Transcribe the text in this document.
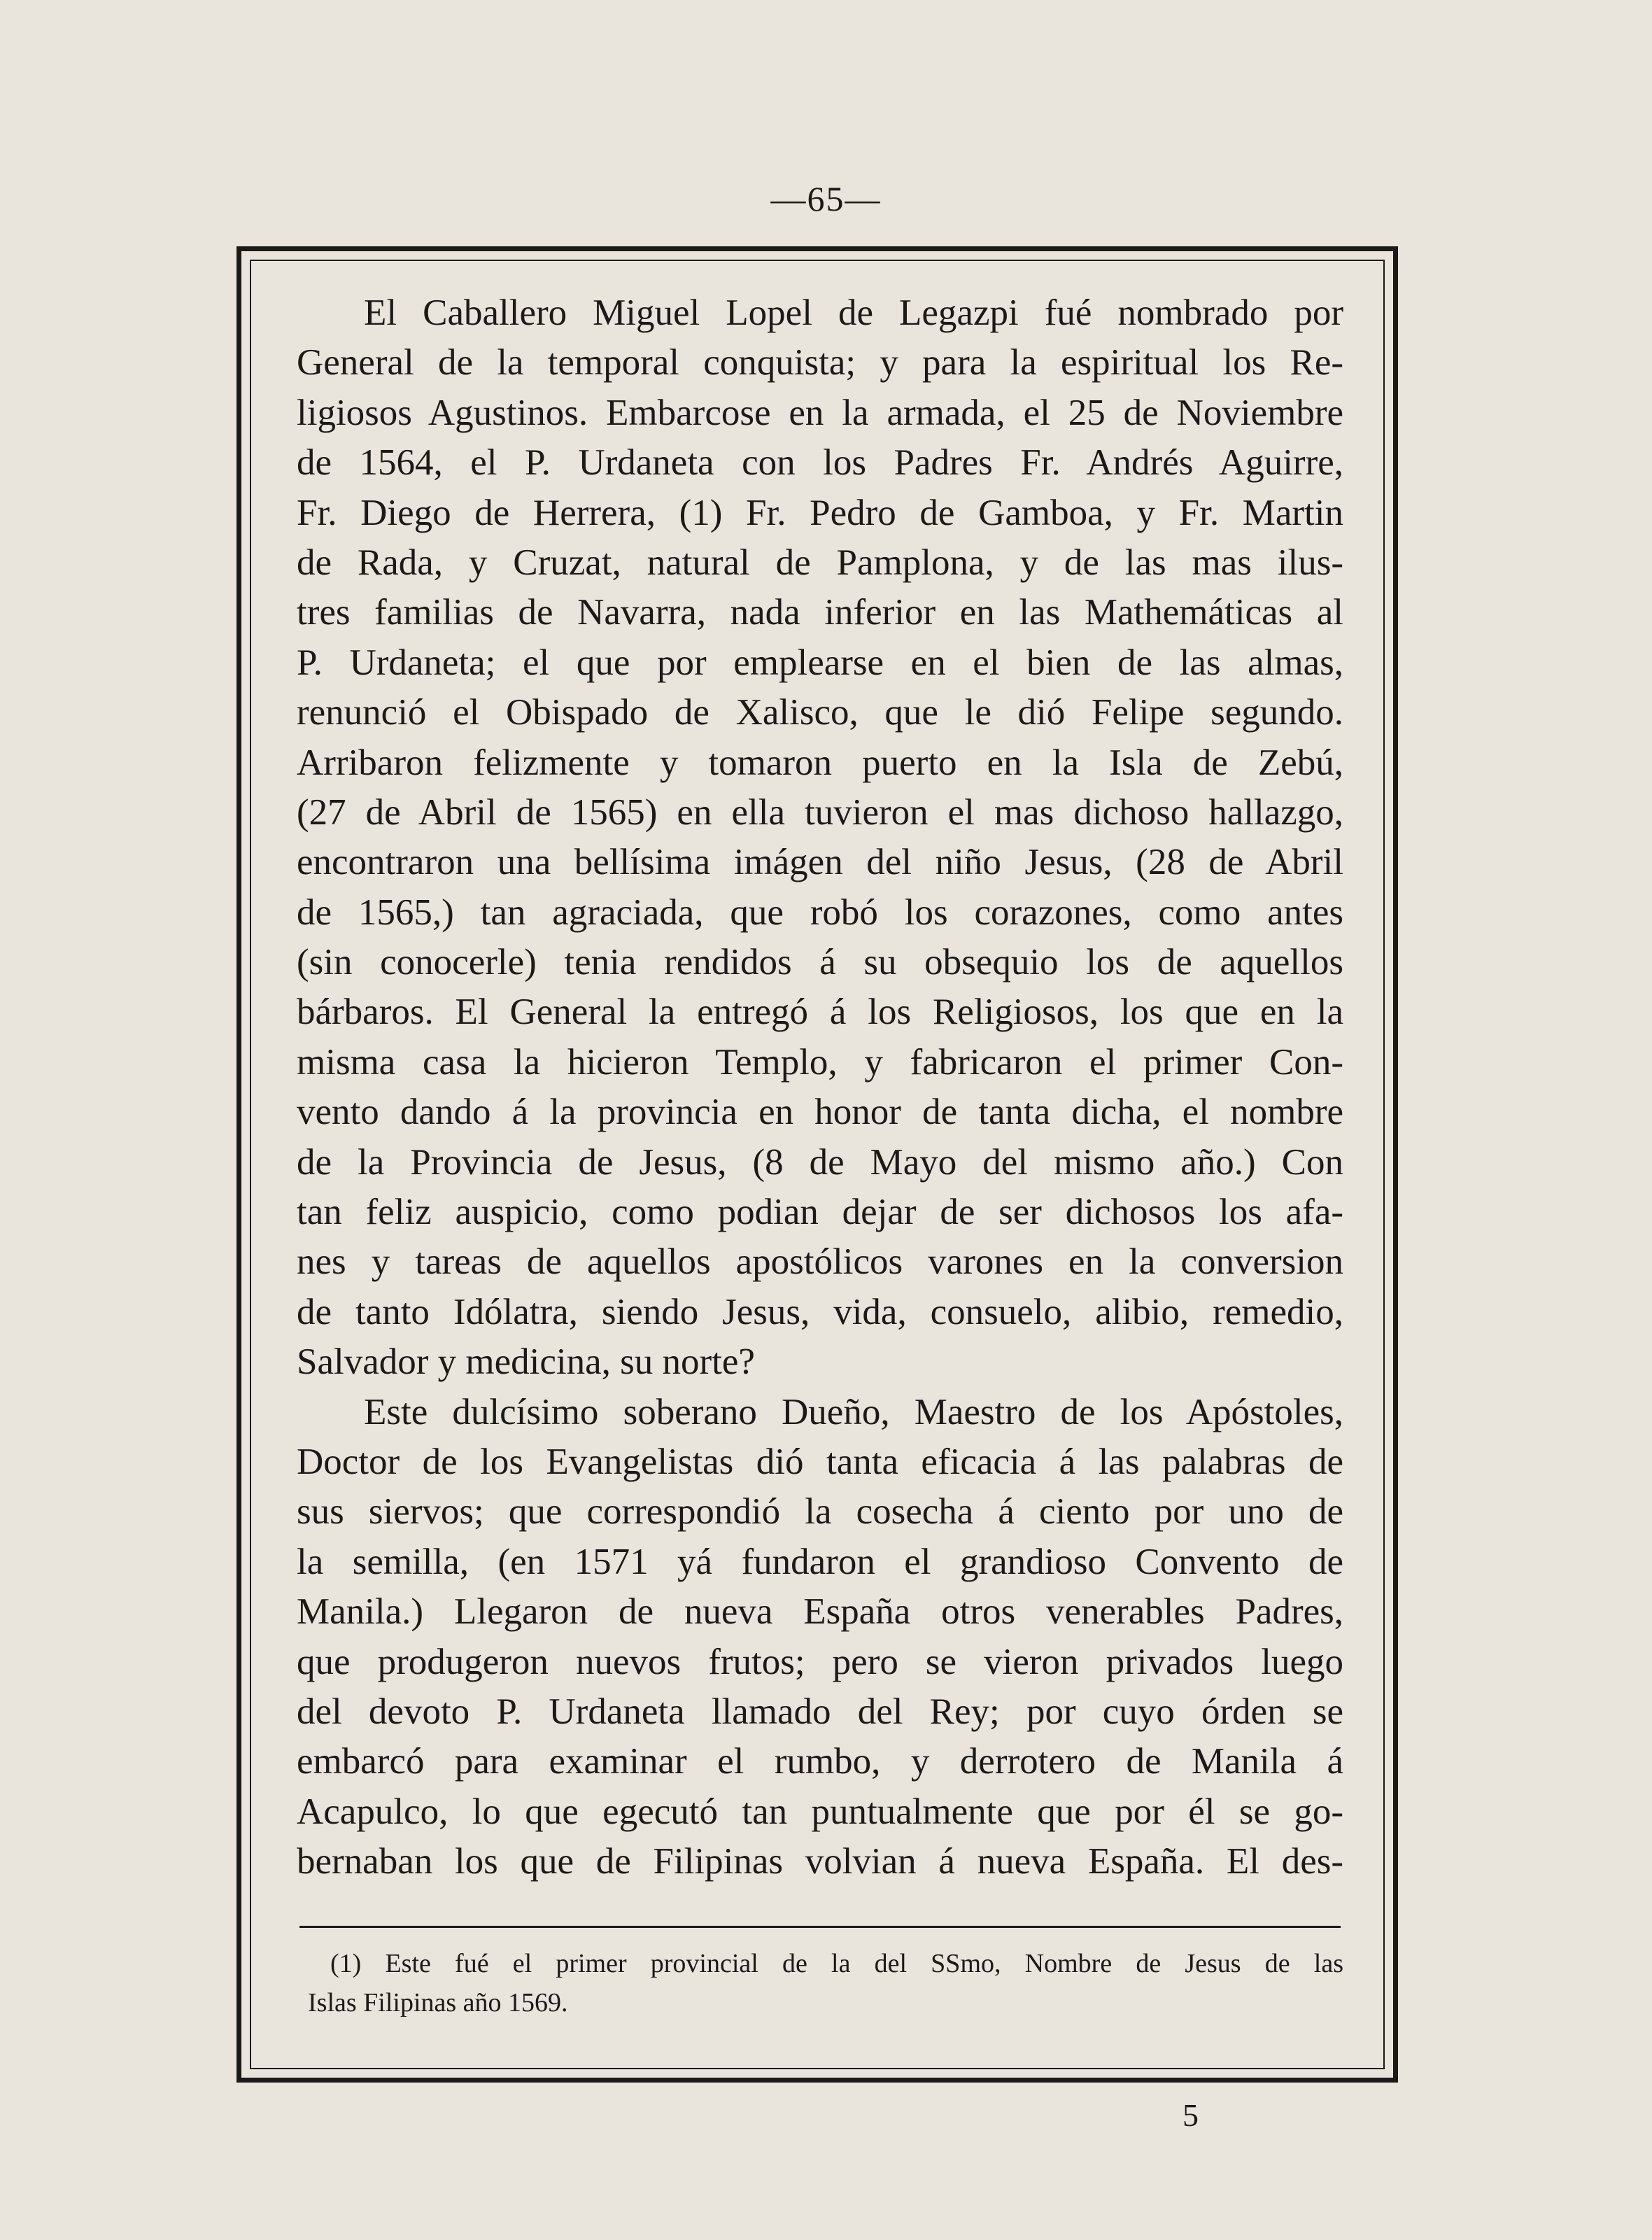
—65—
El Caballero Miguel Lopel de Legazpi fué nombrado por
General de la temporal conquista; y para la espiritual los Re-
ligiosos Agustinos. Embarcose en la armada, el 25 de Noviembre
de 1564, el P. Urdaneta con los Padres Fr. Andrés Aguirre,
Fr. Diego de Herrera, (1) Fr. Pedro de Gamboa, y Fr. Martin
de Rada, y Cruzat, natural de Pamplona, y de las mas ilus-
tres familias de Navarra, nada inferior en las Mathemáticas al
P. Urdaneta; el que por emplearse en el bien de las almas,
renunció el Obispado de Xalisco, que le dió Felipe segundo.
Arribaron felizmente y tomaron puerto en la Isla de Zebú,
(27 de Abril de 1565) en ella tuvieron el mas dichoso hallazgo,
encontraron una bellísima imágen del niño Jesus, (28 de Abril
de 1565,) tan agraciada, que robó los corazones, como antes
(sin conocerle) tenia rendidos á su obsequio los de aquellos
bárbaros. El General la entregó á los Religiosos, los que en la
misma casa la hicieron Templo, y fabricaron el primer Con-
vento dando á la provincia en honor de tanta dicha, el nombre
de la Provincia de Jesus, (8 de Mayo del mismo año.) Con
tan feliz auspicio, como podian dejar de ser dichosos los afa-
nes y tareas de aquellos apostólicos varones en la conversion
de tanto Idólatra, siendo Jesus, vida, consuelo, alibio, remedio,
Salvador y medicina, su norte?
Este dulcísimo soberano Dueño, Maestro de los Apóstoles,
Doctor de los Evangelistas dió tanta eficacia á las palabras de
sus siervos; que correspondió la cosecha á ciento por uno de
la semilla, (en 1571 yá fundaron el grandioso Convento de
Manila.) Llegaron de nueva España otros venerables Padres,
que produgeron nuevos frutos; pero se vieron privados luego
del devoto P. Urdaneta llamado del Rey; por cuyo órden se
embarcó para examinar el rumbo, y derrotero de Manila á
Acapulco, lo que egecutó tan puntualmente que por él se go-
bernaban los que de Filipinas volvian á nueva España. El des-
(1) Este fué el primer provincial de la del SSmo, Nombre de Jesus de las
Islas Filipinas año 1569.
5
